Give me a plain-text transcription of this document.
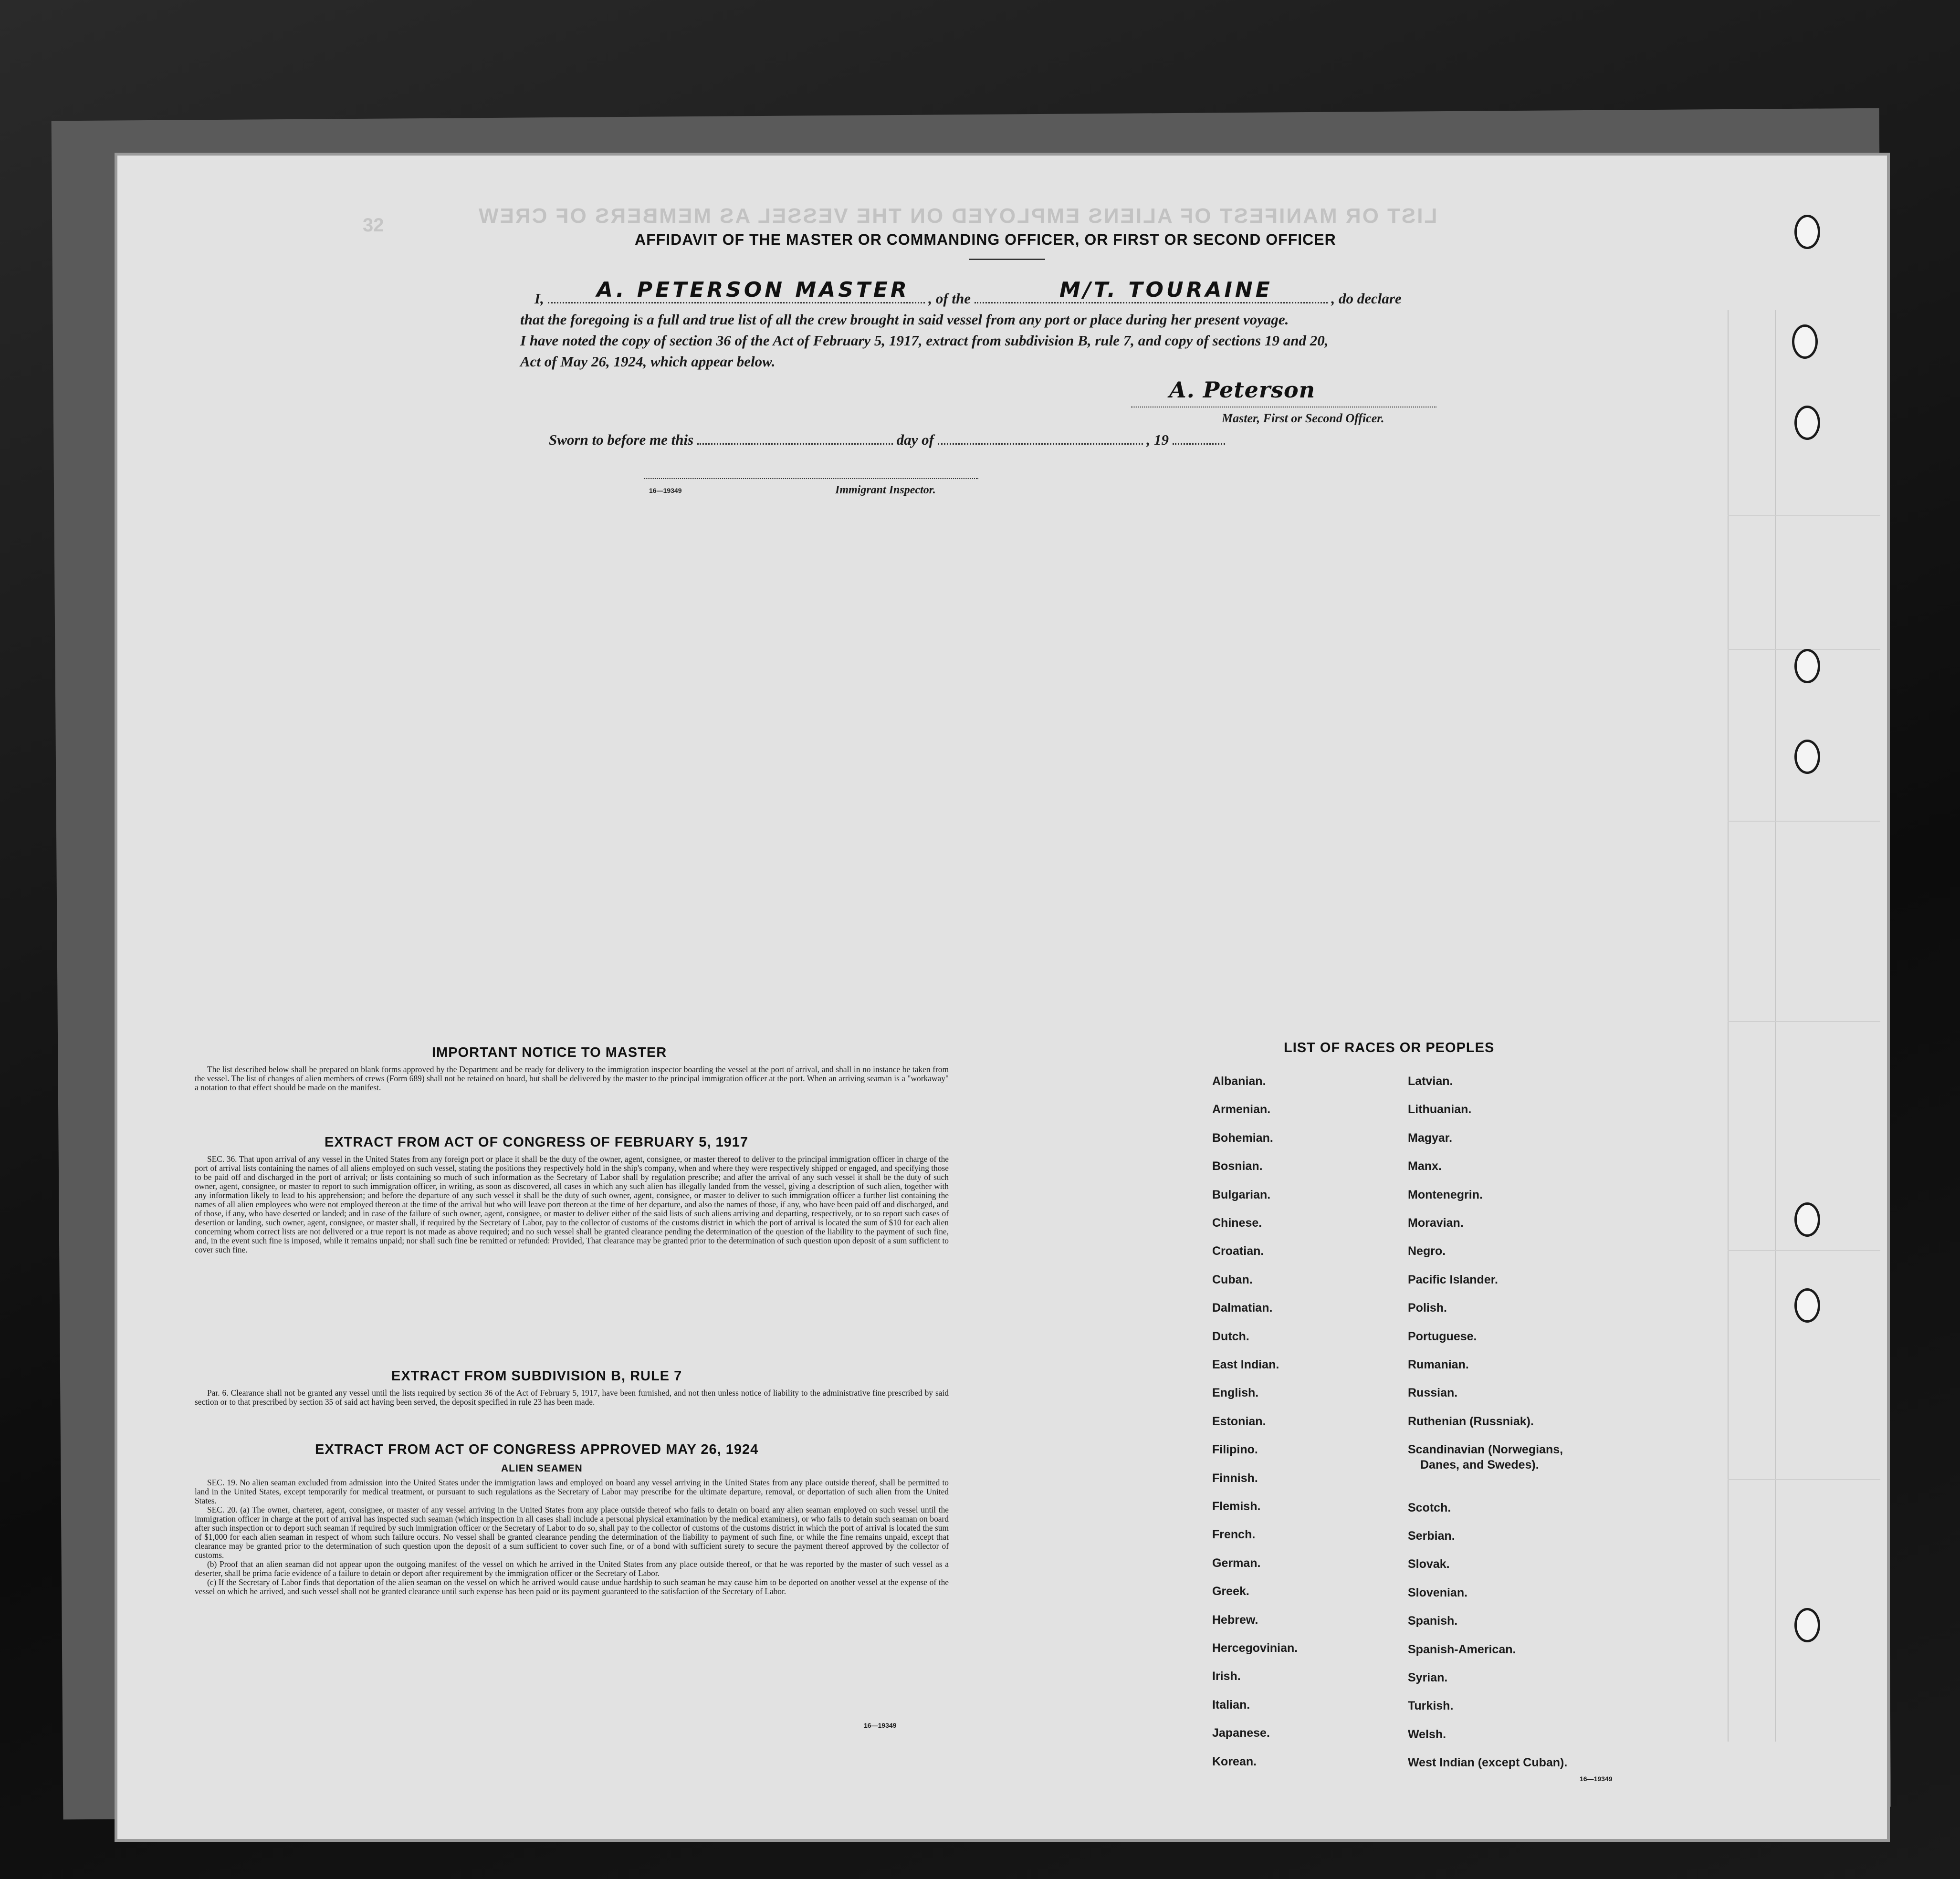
LIST OR MANIFEST OF ALIENS EMPLOYED ON THE VESSEL AS MEMBERS OF CREW
32
AFFIDAVIT OF THE MASTER OR COMMANDING OFFICER, OR FIRST OR SECOND OFFICER
I,	, of the	, do declare
A. PETERSON MASTER	M/T. TOURAINE
that the foregoing is a full and true list of all the crew brought in said vessel from any port or place during her present voyage.
I have noted the copy of section 36 of the Act of February 5, 1917, extract from subdivision B, rule 7, and copy of sections 19 and 20,
Act of May 26, 1924, which appear below.
A. Peterson
Master, First or Second Officer.
Sworn to before me this	day of	, 19
16—19349	Immigrant Inspector.
IMPORTANT NOTICE TO MASTER

The list described below shall be prepared on blank forms approved by the Department and be ready for delivery to the immigration inspector boarding the vessel at the port of arrival, and shall in no instance be taken from the vessel. The list of changes of alien members of crews (Form 689) shall not be retained on board, but shall be delivered by the master to the principal immigration officer at the port. When an arriving seaman is a "workaway" a notation to that effect should be made on the manifest.

EXTRACT FROM ACT OF CONGRESS OF FEBRUARY 5, 1917

SEC. 36. That upon arrival of any vessel in the United States from any foreign port or place it shall be the duty of the owner, agent, consignee, or master thereof to deliver to the principal immigration officer in charge of the port of arrival lists containing the names of all aliens employed on such vessel, stating the positions they respectively hold in the ship's company, when and where they were respectively shipped or engaged, and specifying those to be paid off and discharged in the port of arrival; or lists containing so much of such information as the Secretary of Labor shall by regulation prescribe; and after the arrival of any such vessel it shall be the duty of such owner, agent, consignee, or master to report to such immigration officer, in writing, as soon as discovered, all cases in which any such alien has illegally landed from the vessel, giving a description of such alien, together with any information likely to lead to his apprehension; and before the departure of any such vessel it shall be the duty of such owner, agent, consignee, or master to deliver to such immigration officer a further list containing the names of all alien employees who were not employed thereon at the time of the arrival but who will leave port thereon at the time of her departure, and also the names of those, if any, who have been paid off and discharged, and of those, if any, who have deserted or landed; and in case of the failure of such owner, agent, consignee, or master to deliver either of the said lists of such aliens arriving and departing, respectively, or to so report such cases of desertion or landing, such owner, agent, consignee, or master shall, if required by the Secretary of Labor, pay to the collector of customs of the customs district in which the port of arrival is located the sum of $10 for each alien concerning whom correct lists are not delivered or a true report is not made as above required; and no such vessel shall be granted clearance pending the determination of the question of the liability to the payment of such fine, and, in the event such fine is imposed, while it remains unpaid; nor shall such fine be remitted or refunded: Provided, That clearance may be granted prior to the determination of such question upon deposit of a sum sufficient to cover such fine.

EXTRACT FROM SUBDIVISION B, RULE 7

Par. 6. Clearance shall not be granted any vessel until the lists required by section 36 of the Act of February 5, 1917, have been furnished, and not then unless notice of liability to the administrative fine prescribed by said section or to that prescribed by section 35 of said act having been served, the deposit specified in rule 23 has been made.

EXTRACT FROM ACT OF CONGRESS APPROVED MAY 26, 1924
ALIEN SEAMEN

SEC. 19. No alien seaman excluded from admission into the United States under the immigration laws and employed on board any vessel arriving in the United States from any place outside thereof, shall be permitted to land in the United States, except temporarily for medical treatment, or pursuant to such regulations as the Secretary of Labor may prescribe for the ultimate departure, removal, or deportation of such alien from the United States.

SEC. 20. (a) The owner, charterer, agent, consignee, or master of any vessel arriving in the United States from any place outside thereof who fails to detain on board any alien seaman employed on such vessel until the immigration officer in charge at the port of arrival has inspected such seaman (which inspection in all cases shall include a personal physical examination by the medical examiners), or who fails to detain such seaman on board after such inspection or to deport such seaman if required by such immigration officer or the Secretary of Labor to do so, shall pay to the collector of customs of the customs district in which the port of arrival is located the sum of $1,000 for each alien seaman in respect of whom such failure occurs. No vessel shall be granted clearance pending the determination of the liability to payment of such fine, or while the fine remains unpaid, except that clearance may be granted prior to the determination of such question upon the deposit of a sum sufficient to cover such fine, or of a bond with sufficient surety to secure the payment thereof approved by the collector of customs.

(b) Proof that an alien seaman did not appear upon the outgoing manifest of the vessel on which he arrived in the United States from any place outside thereof, or that he was reported by the master of such vessel as a deserter, shall be prima facie evidence of a failure to detain or deport after requirement by the immigration officer or the Secretary of Labor.

(c) If the Secretary of Labor finds that deportation of the alien seaman on the vessel on which he arrived would cause undue hardship to such seaman he may cause him to be deported on another vessel at the expense of the vessel on which he arrived, and such vessel shall not be granted clearance until such expense has been paid or its payment guaranteed to the satisfaction of the Secretary of Labor.

16—19349
LIST OF RACES OR PEOPLES
Albanian.
Armenian.
Bohemian.
Bosnian.
Bulgarian.
Chinese.
Croatian.
Cuban.
Dalmatian.
Dutch.
East Indian.
English.
Estonian.
Filipino.
Finnish.
Flemish.
French.
German.
Greek.
Hebrew.
Hercegovinian.
Irish.
Italian.
Japanese.
Korean.
Latvian.
Lithuanian.
Magyar.
Manx.
Montenegrin.
Moravian.
Negro.
Pacific Islander.
Polish.
Portuguese.
Rumanian.
Russian.
Ruthenian (Russniak).
Scandinavian (Norwegians,
Danes, and Swedes).
Scotch.
Serbian.
Slovak.
Slovenian.
Spanish.
Spanish-American.
Syrian.
Turkish.
Welsh.
West Indian (except Cuban).
16—19349
